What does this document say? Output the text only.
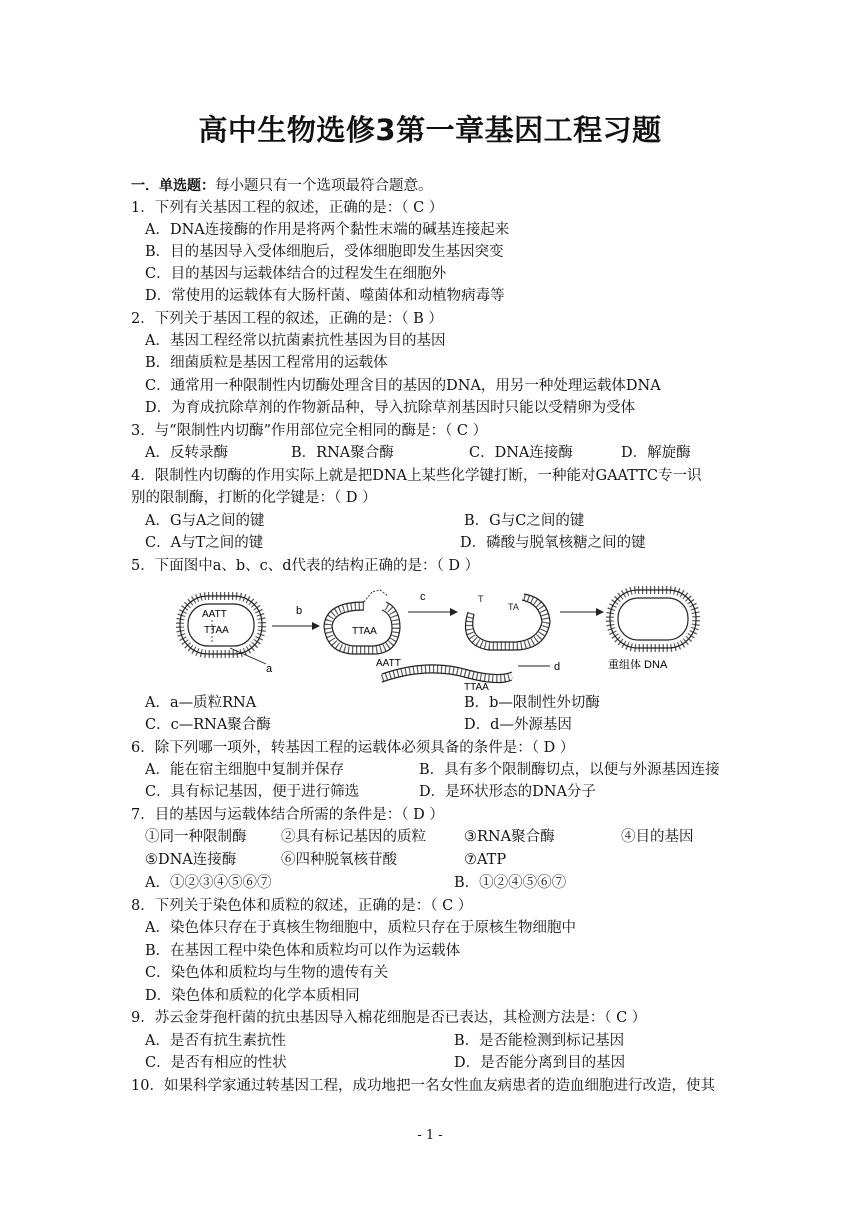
高中生物选修3第一章基因工程习题
一．单选题：每小题只有一个选项最符合题意。
1．下列有关基因工程的叙述，正确的是：（ C ）
A．DNA连接酶的作用是将两个黏性末端的碱基连接起来
B．目的基因导入受体细胞后，受体细胞即发生基因突变
C．目的基因与运载体结合的过程发生在细胞外
D．常使用的运载体有大肠杆菌、噬菌体和动植物病毒等
2．下列关于基因工程的叙述，正确的是：（ B ）
A．基因工程经常以抗菌素抗性基因为目的基因
B．细菌质粒是基因工程常用的运载体
C．通常用一种限制性内切酶处理含目的基因的DNA，用另一种处理运载体DNA
D．为育成抗除草剂的作物新品种，导入抗除草剂基因时只能以受精卵为受体
3．与“限制性内切酶”作用部位完全相同的酶是：（ C ）
A．反转录酶	B．RNA聚合酶	C．DNA连接酶	D．解旋酶
4．限制性内切酶的作用实际上就是把DNA上某些化学键打断，一种能对GAATTC专一识
别的限制酶，打断的化学键是：（ D ）
A．G与A之间的键	B．G与C之间的键
C．A与T之间的键	D．磷酸与脱氧核糖之间的键
5．下面图中a、b、c、d代表的结构正确的是：（ D ）
AATT
TTAA
a
b
TTAA
c	T
TA
AATT
TTAA
d	重组体 DNA
A．a—质粒RNA	B．b—限制性外切酶
C．c—RNA聚合酶	D．d—外源基因
6．除下列哪一项外，转基因工程的运载体必须具备的条件是：（ D ）
A．能在宿主细胞中复制并保存	B．具有多个限制酶切点，以便与外源基因连接
C．具有标记基因，便于进行筛选	D．是环状形态的DNA分子
7．目的基因与运载体结合所需的条件是：（ D ）
①同一种限制酶 ②具有标记基因的质粒	③RNA聚合酶	④目的基因
⑤DNA连接酶	⑥四种脱氧核苷酸	⑦ATP
A．①②③④⑤⑥⑦	B．①②④⑤⑥⑦
8．下列关于染色体和质粒的叙述，正确的是：（ C ）
A．染色体只存在于真核生物细胞中，质粒只存在于原核生物细胞中
B．在基因工程中染色体和质粒均可以作为运载体
C．染色体和质粒均与生物的遗传有关
D．染色体和质粒的化学本质相同
9．苏云金芽孢杆菌的抗虫基因导入棉花细胞是否已表达，其检测方法是：（ C ）
A．是否有抗生素抗性	B．是否能检测到标记基因
C．是否有相应的性状	D．是否能分离到目的基因
10．如果科学家通过转基因工程，成功地把一名女性血友病患者的造血细胞进行改造，使其
- 1 -
